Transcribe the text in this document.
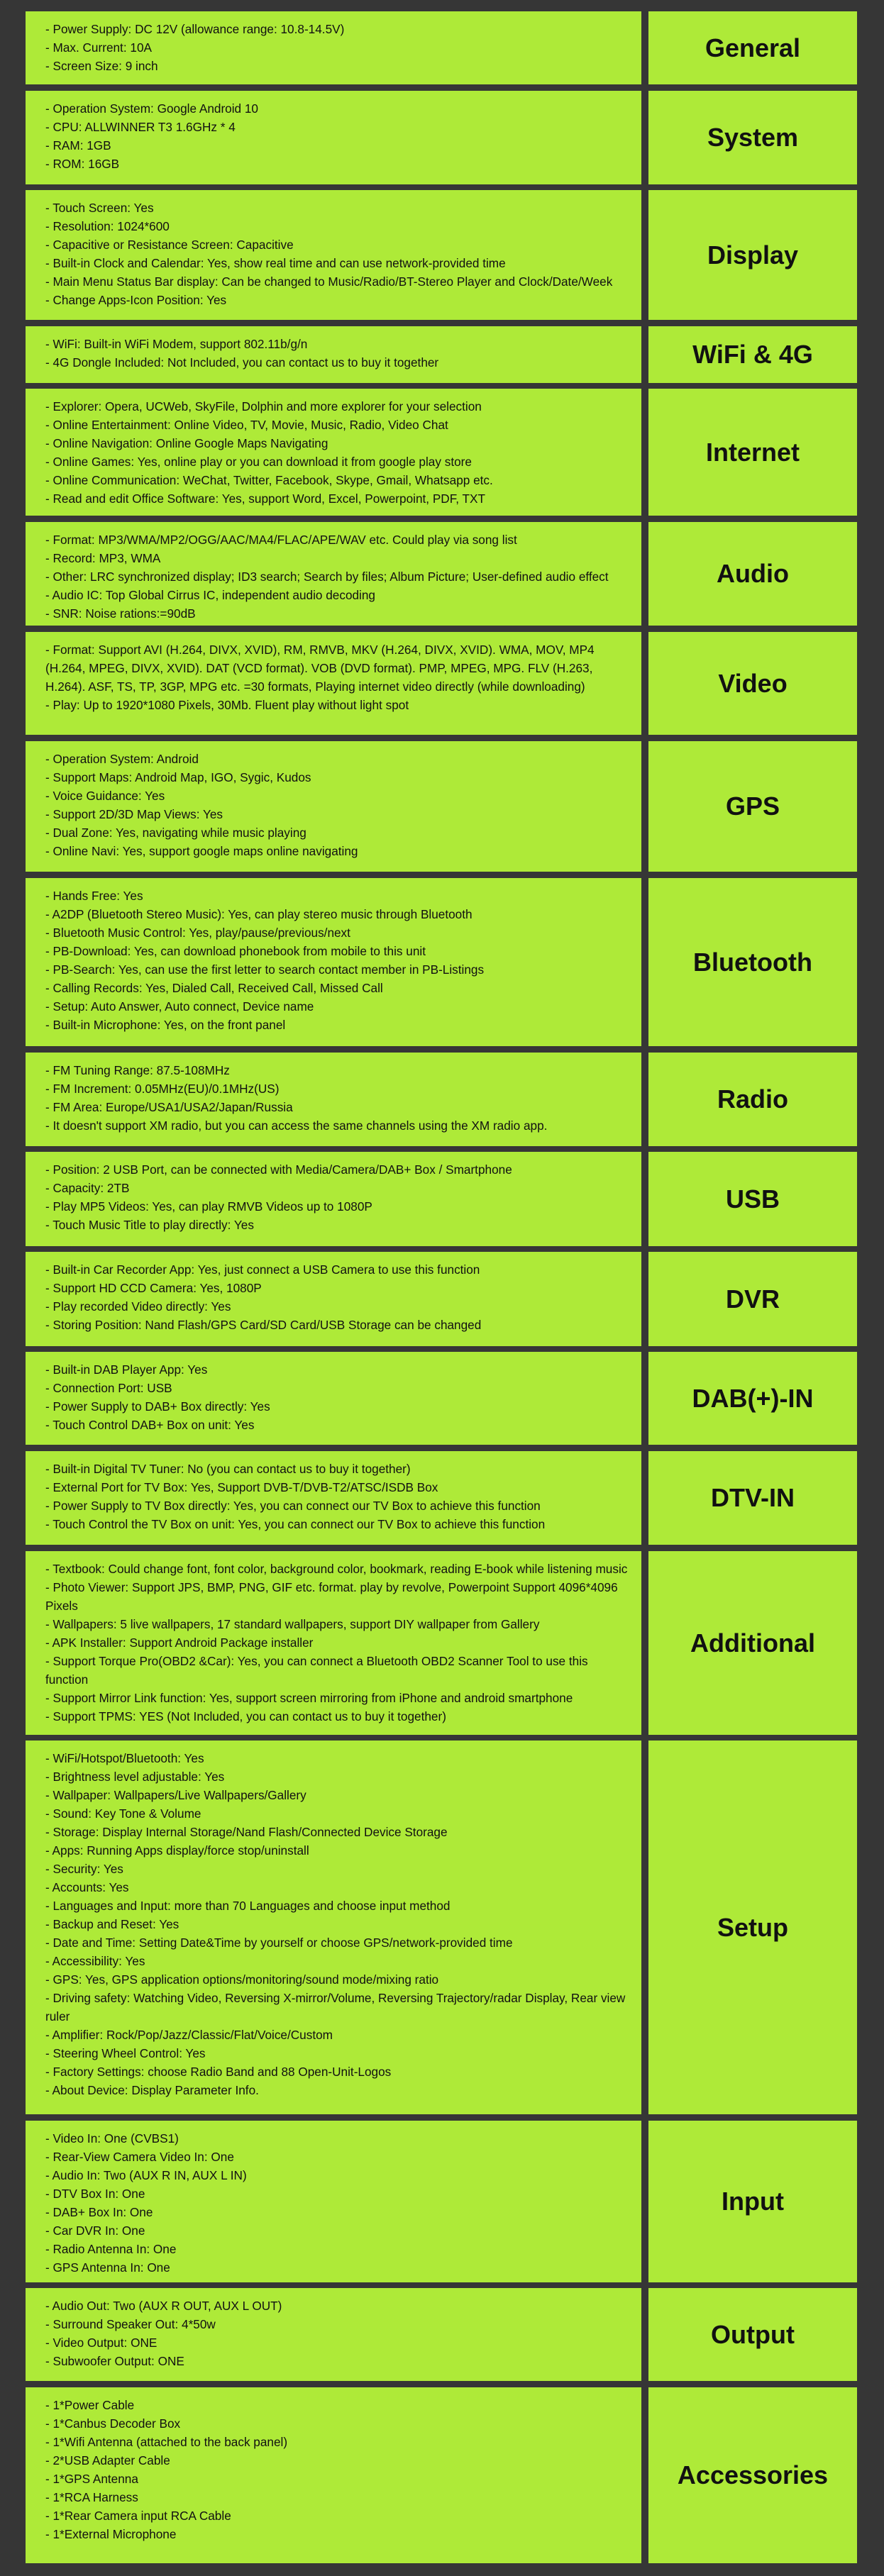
- Power Supply: DC 12V (allowance range: 10.8-14.5V)
- Max. Current: 10A
- Screen Size: 9 inch
General
- Operation System: Google Android 10
- CPU: ALLWINNER T3 1.6GHz * 4
- RAM: 1GB
- ROM: 16GB
System
- Touch Screen: Yes
- Resolution: 1024*600
- Capacitive or Resistance Screen: Capacitive
- Built-in Clock and Calendar: Yes, show real time and can use network-provided time
- Main Menu Status Bar display: Can be changed to Music/Radio/BT-Stereo Player and Clock/Date/Week
- Change Apps-Icon Position: Yes
Display
- WiFi: Built-in WiFi Modem, support 802.11b/g/n
- 4G Dongle Included: Not Included, you can contact us to buy it together	WiFi & 4G
- Explorer: Opera, UCWeb, SkyFile, Dolphin and more explorer for your selection
- Online Entertainment: Online Video, TV, Movie, Music, Radio, Video Chat
- Online Navigation: Online Google Maps Navigating
- Online Games: Yes, online play or you can download it from google play store
- Online Communication: WeChat, Twitter, Facebook, Skype, Gmail, Whatsapp etc.
- Read and edit Office Software: Yes, support Word, Excel, Powerpoint, PDF, TXT
Internet
- Format: MP3/WMA/MP2/OGG/AAC/MA4/FLAC/APE/WAV etc. Could play via song list
- Record: MP3, WMA
- Other: LRC synchronized display; ID3 search; Search by files; Album Picture; User-defined audio effect
- Audio IC: Top Global Cirrus IC, independent audio decoding
- SNR: Noise rations:=90dB
Audio
- Format: Support AVI (H.264, DIVX, XVID), RM, RMVB, MKV (H.264, DIVX, XVID). WMA, MOV, MP4 (H.264, MPEG, DIVX, XVID). DAT (VCD format). VOB (DVD format). PMP, MPEG, MPG. FLV (H.263, H.264). ASF, TS, TP, 3GP, MPG etc. =30 formats, Playing internet video directly (while downloading)
- Play: Up to 1920*1080 Pixels, 30Mb. Fluent play without light spot
Video
- Operation System: Android
- Support Maps: Android Map, IGO, Sygic, Kudos
- Voice Guidance: Yes
- Support 2D/3D Map Views: Yes
- Dual Zone: Yes, navigating while music playing
- Online Navi: Yes, support google maps online navigating
GPS
- Hands Free: Yes
- A2DP (Bluetooth Stereo Music): Yes, can play stereo music through Bluetooth
- Bluetooth Music Control: Yes, play/pause/previous/next
- PB-Download: Yes, can download phonebook from mobile to this unit
- PB-Search: Yes, can use the first letter to search contact member in PB-Listings
- Calling Records: Yes, Dialed Call, Received Call, Missed Call
- Setup: Auto Answer, Auto connect, Device name
- Built-in Microphone: Yes, on the front panel
Bluetooth
- FM Tuning Range: 87.5-108MHz
- FM Increment: 0.05MHz(EU)/0.1MHz(US)
- FM Area: Europe/USA1/USA2/Japan/Russia
- It doesn't support XM radio, but you can access the same channels using the XM radio app.
Radio
- Position: 2 USB Port, can be connected with Media/Camera/DAB+ Box / Smartphone
- Capacity: 2TB
- Play MP5 Videos: Yes, can play RMVB Videos up to 1080P
- Touch Music Title to play directly: Yes
USB
- Built-in Car Recorder App: Yes, just connect a USB Camera to use this function
- Support HD CCD Camera: Yes, 1080P
- Play recorded Video directly: Yes
- Storing Position: Nand Flash/GPS Card/SD Card/USB Storage can be changed
DVR
- Built-in DAB Player App: Yes
- Connection Port: USB
- Power Supply to DAB+ Box directly: Yes
- Touch Control DAB+ Box on unit: Yes
DAB(+)-IN
- Built-in Digital TV Tuner: No (you can contact us to buy it together)
- External Port for TV Box: Yes, Support DVB-T/DVB-T2/ATSC/ISDB Box
- Power Supply to TV Box directly: Yes, you can connect our TV Box to achieve this function
- Touch Control the TV Box on unit: Yes, you can connect our TV Box to achieve this function
DTV-IN
- Textbook: Could change font, font color, background color, bookmark, reading E-book while listening music
- Photo Viewer: Support JPS, BMP, PNG, GIF etc. format. play by revolve, Powerpoint Support 4096*4096 Pixels
- Wallpapers: 5 live wallpapers, 17 standard wallpapers, support DIY wallpaper from Gallery
- APK Installer: Support Android Package installer
- Support Torque Pro(OBD2 &Car): Yes, you can connect a Bluetooth OBD2 Scanner Tool to use this function
- Support Mirror Link function: Yes, support screen mirroring from iPhone and android smartphone
- Support TPMS: YES (Not Included, you can contact us to buy it together)
Additional
- WiFi/Hotspot/Bluetooth: Yes
- Brightness level adjustable: Yes
- Wallpaper: Wallpapers/Live Wallpapers/Gallery
- Sound: Key Tone & Volume
- Storage: Display Internal Storage/Nand Flash/Connected Device Storage
- Apps: Running Apps display/force stop/uninstall
- Security: Yes
- Accounts: Yes
- Languages and Input: more than 70 Languages and choose input method
- Backup and Reset: Yes
- Date and Time: Setting Date&Time by yourself or choose GPS/network-provided time
- Accessibility: Yes
- GPS: Yes, GPS application options/monitoring/sound mode/mixing ratio
- Driving safety: Watching Video, Reversing X-mirror/Volume, Reversing Trajectory/radar Display, Rear view ruler
- Amplifier: Rock/Pop/Jazz/Classic/Flat/Voice/Custom
- Steering Wheel Control: Yes
- Factory Settings: choose Radio Band and 88 Open-Unit-Logos
- About Device: Display Parameter Info.
Setup
- Video In: One (CVBS1)
- Rear-View Camera Video In: One
- Audio In: Two (AUX R IN, AUX L IN)
- DTV Box In: One
- DAB+ Box In: One
- Car DVR In: One
- Radio Antenna In: One
- GPS Antenna In: One
Input
- Audio Out: Two (AUX R OUT, AUX L OUT)
- Surround Speaker Out: 4*50w
- Video Output: ONE
- Subwoofer Output: ONE
Output
- 1*Power Cable
- 1*Canbus Decoder Box
- 1*Wifi Antenna (attached to the back panel)
- 2*USB Adapter Cable
- 1*GPS Antenna
- 1*RCA Harness
- 1*Rear Camera input RCA Cable
- 1*External Microphone
Accessories
